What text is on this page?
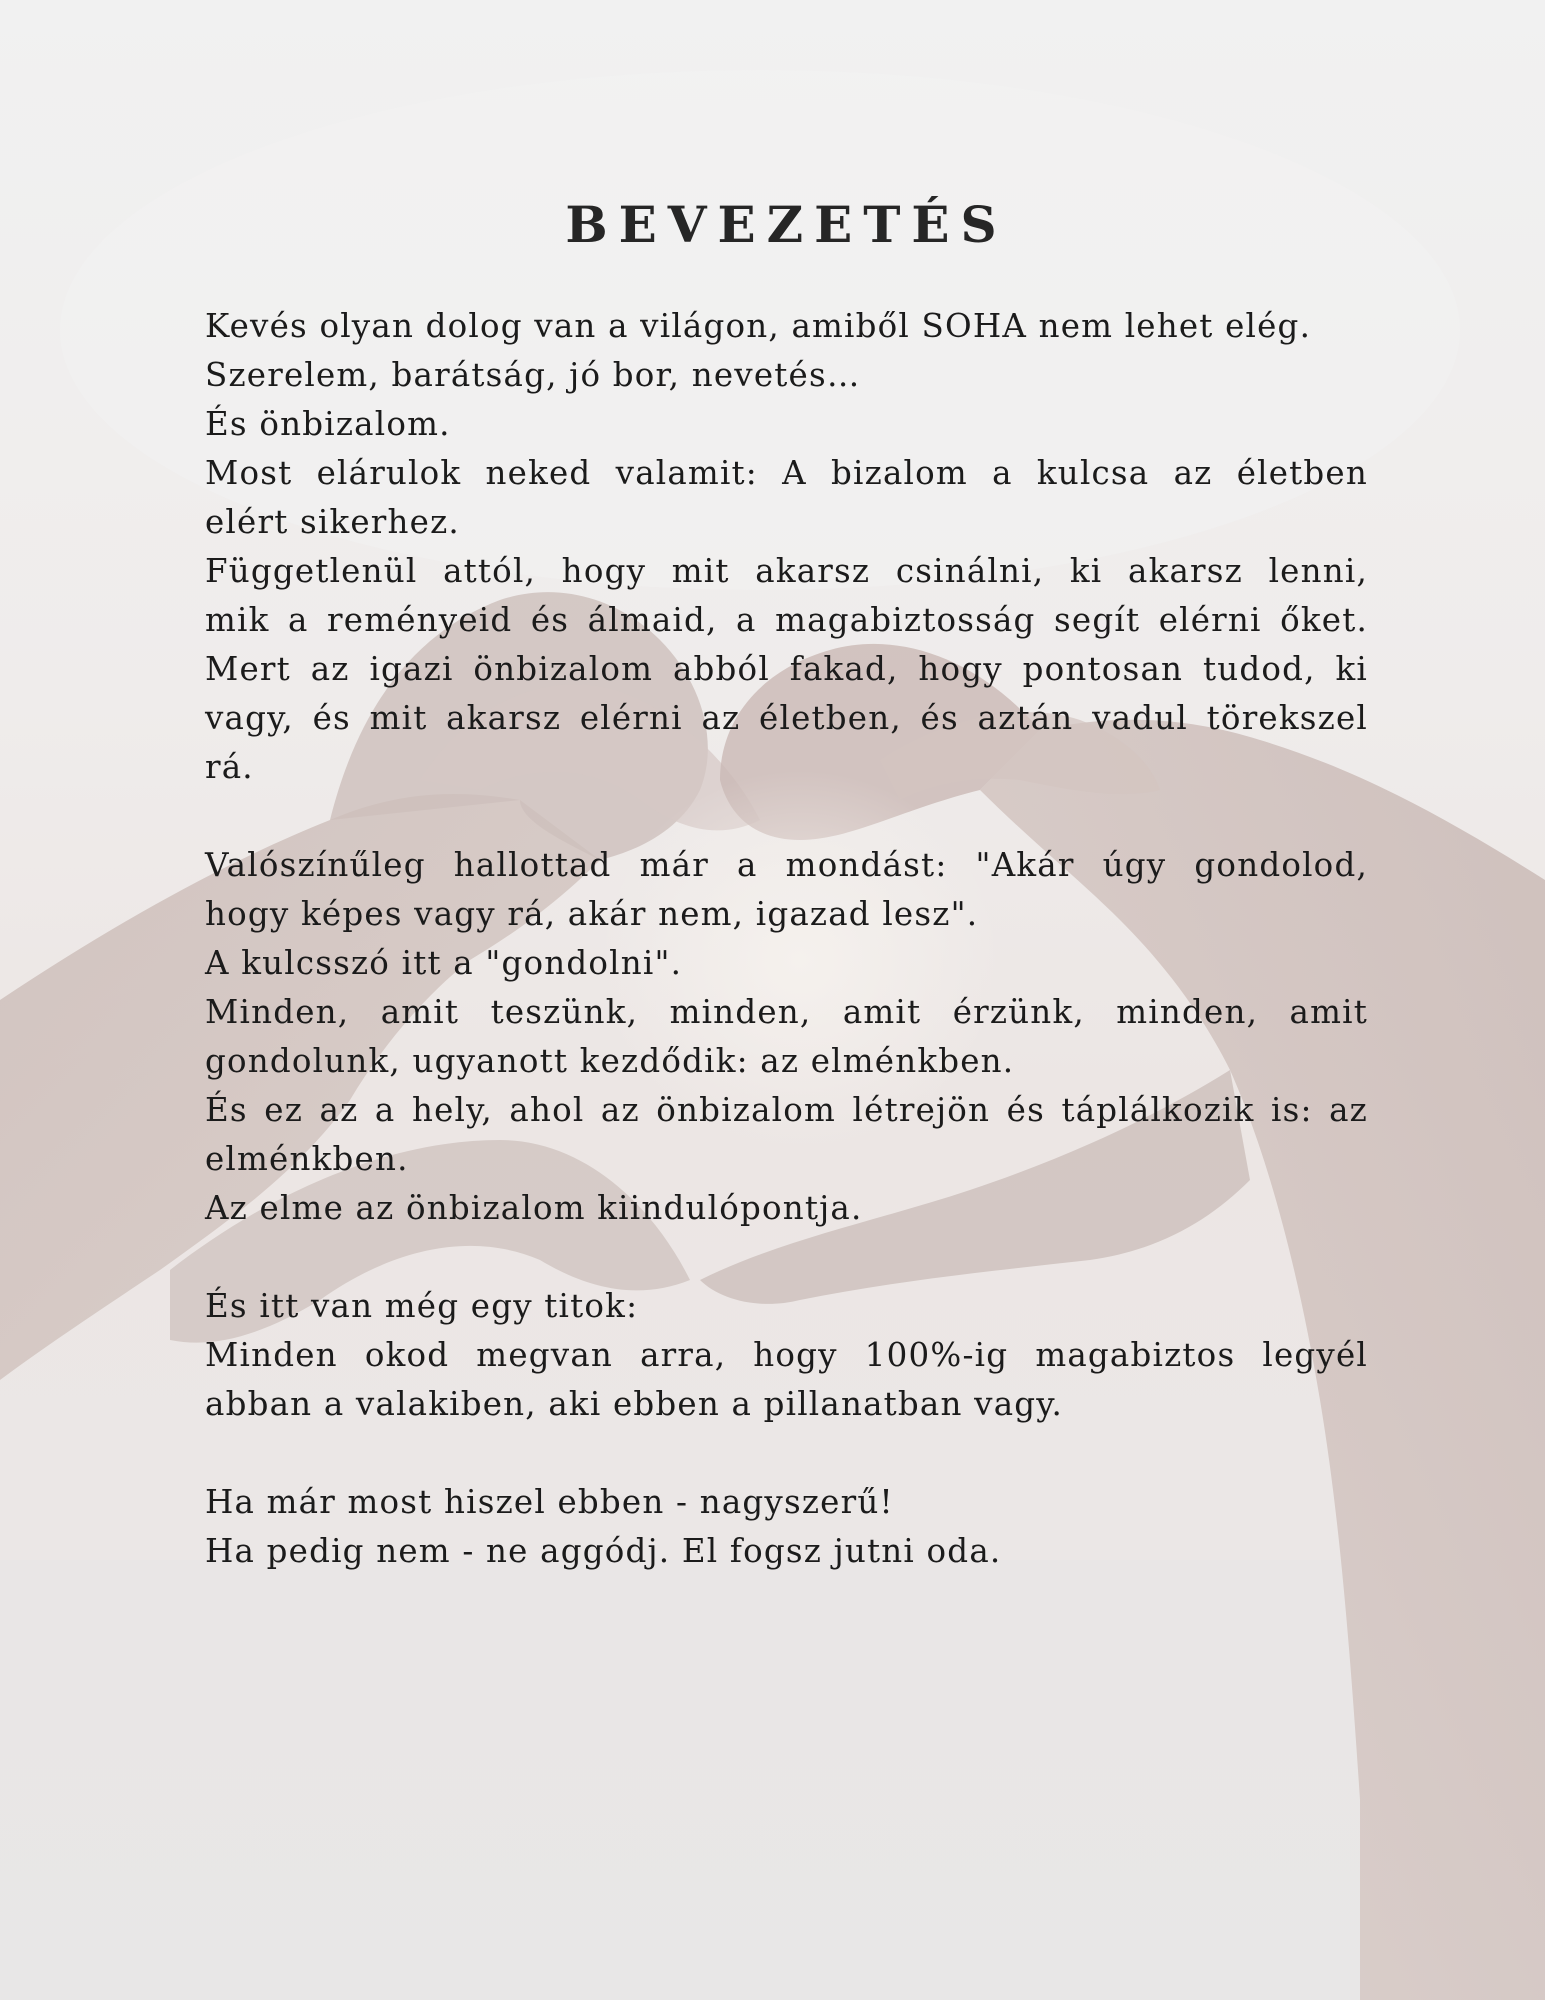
BEVEZETÉS
Kevés olyan dolog van a világon, amiből SOHA nem lehet elég.
Szerelem, barátság, jó bor, nevetés…
És önbizalom.
Most elárulok neked valamit: A bizalom a kulcsa az életben
elért sikerhez.
Függetlenül attól, hogy mit akarsz csinálni, ki akarsz lenni,
mik a reményeid és álmaid, a magabiztosság segít elérni őket.
Mert az igazi önbizalom abból fakad, hogy pontosan tudod, ki
vagy, és mit akarsz elérni az életben, és aztán vadul törekszel
rá.
Valószínűleg hallottad már a mondást: "Akár úgy gondolod,
hogy képes vagy rá, akár nem, igazad lesz".
A kulcsszó itt a "gondolni".
Minden, amit teszünk, minden, amit érzünk, minden, amit
gondolunk, ugyanott kezdődik: az elménkben.
És ez az a hely, ahol az önbizalom létrejön és táplálkozik is: az
elménkben.
Az elme az önbizalom kiindulópontja.
És itt van még egy titok:
Minden okod megvan arra, hogy 100%-ig magabiztos legyél
abban a valakiben, aki ebben a pillanatban vagy.
Ha már most hiszel ebben - nagyszerű!
Ha pedig nem - ne aggódj. El fogsz jutni oda.
